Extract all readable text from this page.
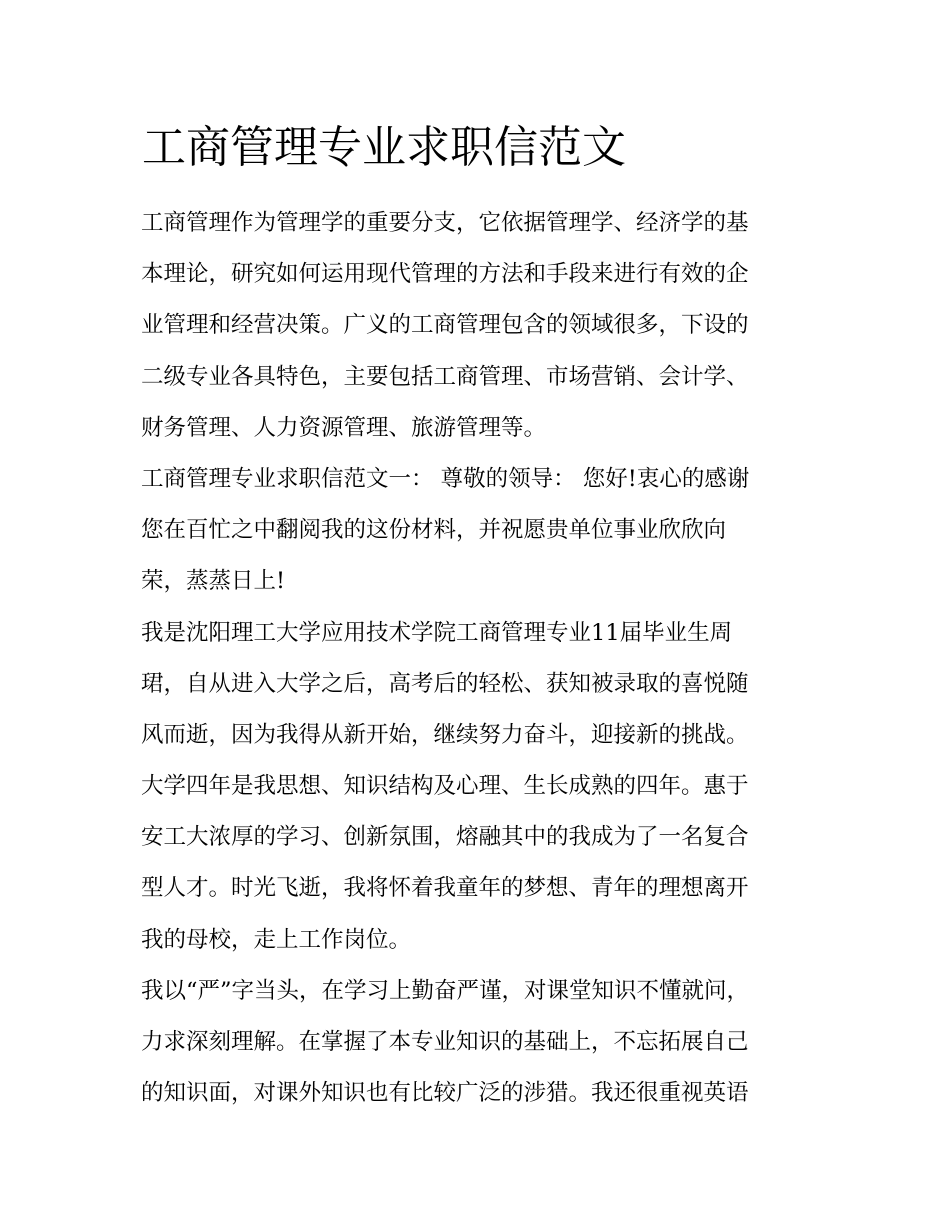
工商管理专业求职信范文

工商管理作为管理学的重要分支，它依据管理学、经济学的基
本理论，研究如何运用现代管理的方法和手段来进行有效的企
业管理和经营决策。广义的工商管理包含的领域很多，下设的
二级专业各具特色，主要包括工商管理、市场营销、会计学、
财务管理、人力资源管理、旅游管理等。

工商管理专业求职信范文一： 尊敬的领导： 您好!衷心的感谢
您在百忙之中翻阅我的这份材料，并祝愿贵单位事业欣欣向
荣，蒸蒸日上!

我是沈阳理工大学应用技术学院工商管理专业11届毕业生周
珺，自从进入大学之后，高考后的轻松、获知被录取的喜悦随
风而逝，因为我得从新开始，继续努力奋斗，迎接新的挑战。
大学四年是我思想、知识结构及心理、生长成熟的四年。惠于
安工大浓厚的学习、创新氛围，熔融其中的我成为了一名复合
型人才。时光飞逝，我将怀着我童年的梦想、青年的理想离开
我的母校，走上工作岗位。

我以“严”字当头，在学习上勤奋严谨，对课堂知识不懂就问，
力求深刻理解。在掌握了本专业知识的基础上，不忘拓展自己
的知识面，对课外知识也有比较广泛的涉猎。我还很重视英语
